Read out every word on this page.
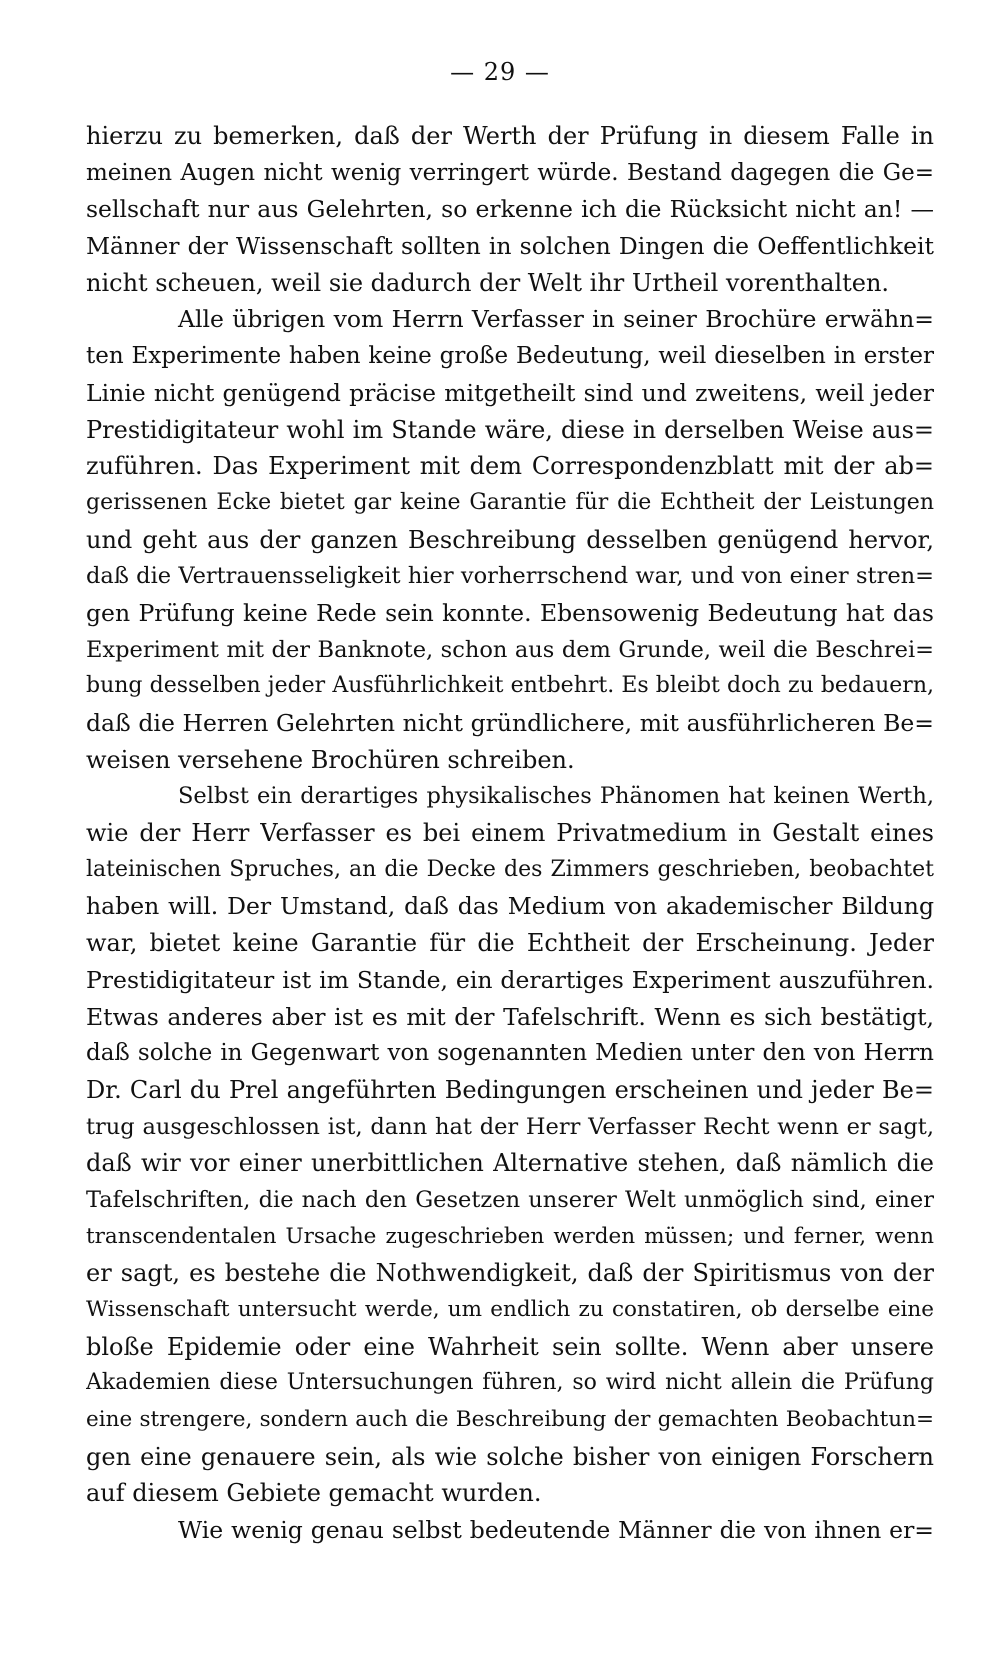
— 29 —
hierzu zu bemerken, daß der Werth der Prüfung in diesem Falle in
meinen Augen nicht wenig verringert würde. Bestand dagegen die Ge=
sellschaft nur aus Gelehrten, so erkenne ich die Rücksicht nicht an! —
Männer der Wissenschaft sollten in solchen Dingen die Oeffentlichkeit
nicht scheuen, weil sie dadurch der Welt ihr Urtheil vorenthalten.
Alle übrigen vom Herrn Verfasser in seiner Brochüre erwähn=
ten Experimente haben keine große Bedeutung, weil dieselben in erster
Linie nicht genügend präcise mitgetheilt sind und zweitens, weil jeder
Prestidigitateur wohl im Stande wäre, diese in derselben Weise aus=
zuführen. Das Experiment mit dem Correspondenzblatt mit der ab=
gerissenen Ecke bietet gar keine Garantie für die Echtheit der Leistungen
und geht aus der ganzen Beschreibung desselben genügend hervor,
daß die Vertrauensseligkeit hier vorherrschend war, und von einer stren=
gen Prüfung keine Rede sein konnte. Ebensowenig Bedeutung hat das
Experiment mit der Banknote, schon aus dem Grunde, weil die Beschrei=
bung desselben jeder Ausführlichkeit entbehrt. Es bleibt doch zu bedauern,
daß die Herren Gelehrten nicht gründlichere, mit ausführlicheren Be=
weisen versehene Brochüren schreiben.
Selbst ein derartiges physikalisches Phänomen hat keinen Werth,
wie der Herr Verfasser es bei einem Privatmedium in Gestalt eines
lateinischen Spruches, an die Decke des Zimmers geschrieben, beobachtet
haben will. Der Umstand, daß das Medium von akademischer Bildung
war, bietet keine Garantie für die Echtheit der Erscheinung. Jeder
Prestidigitateur ist im Stande, ein derartiges Experiment auszuführen.
Etwas anderes aber ist es mit der Tafelschrift. Wenn es sich bestätigt,
daß solche in Gegenwart von sogenannten Medien unter den von Herrn
Dr. Carl du Prel angeführten Bedingungen erscheinen und jeder Be=
trug ausgeschlossen ist, dann hat der Herr Verfasser Recht wenn er sagt,
daß wir vor einer unerbittlichen Alternative stehen, daß nämlich die
Tafelschriften, die nach den Gesetzen unserer Welt unmöglich sind, einer
transcendentalen Ursache zugeschrieben werden müssen; und ferner, wenn
er sagt, es bestehe die Nothwendigkeit, daß der Spiritismus von der
Wissenschaft untersucht werde, um endlich zu constatiren, ob derselbe eine
bloße Epidemie oder eine Wahrheit sein sollte. Wenn aber unsere
Akademien diese Untersuchungen führen, so wird nicht allein die Prüfung
eine strengere, sondern auch die Beschreibung der gemachten Beobachtun=
gen eine genauere sein, als wie solche bisher von einigen Forschern
auf diesem Gebiete gemacht wurden.
Wie wenig genau selbst bedeutende Männer die von ihnen er=
